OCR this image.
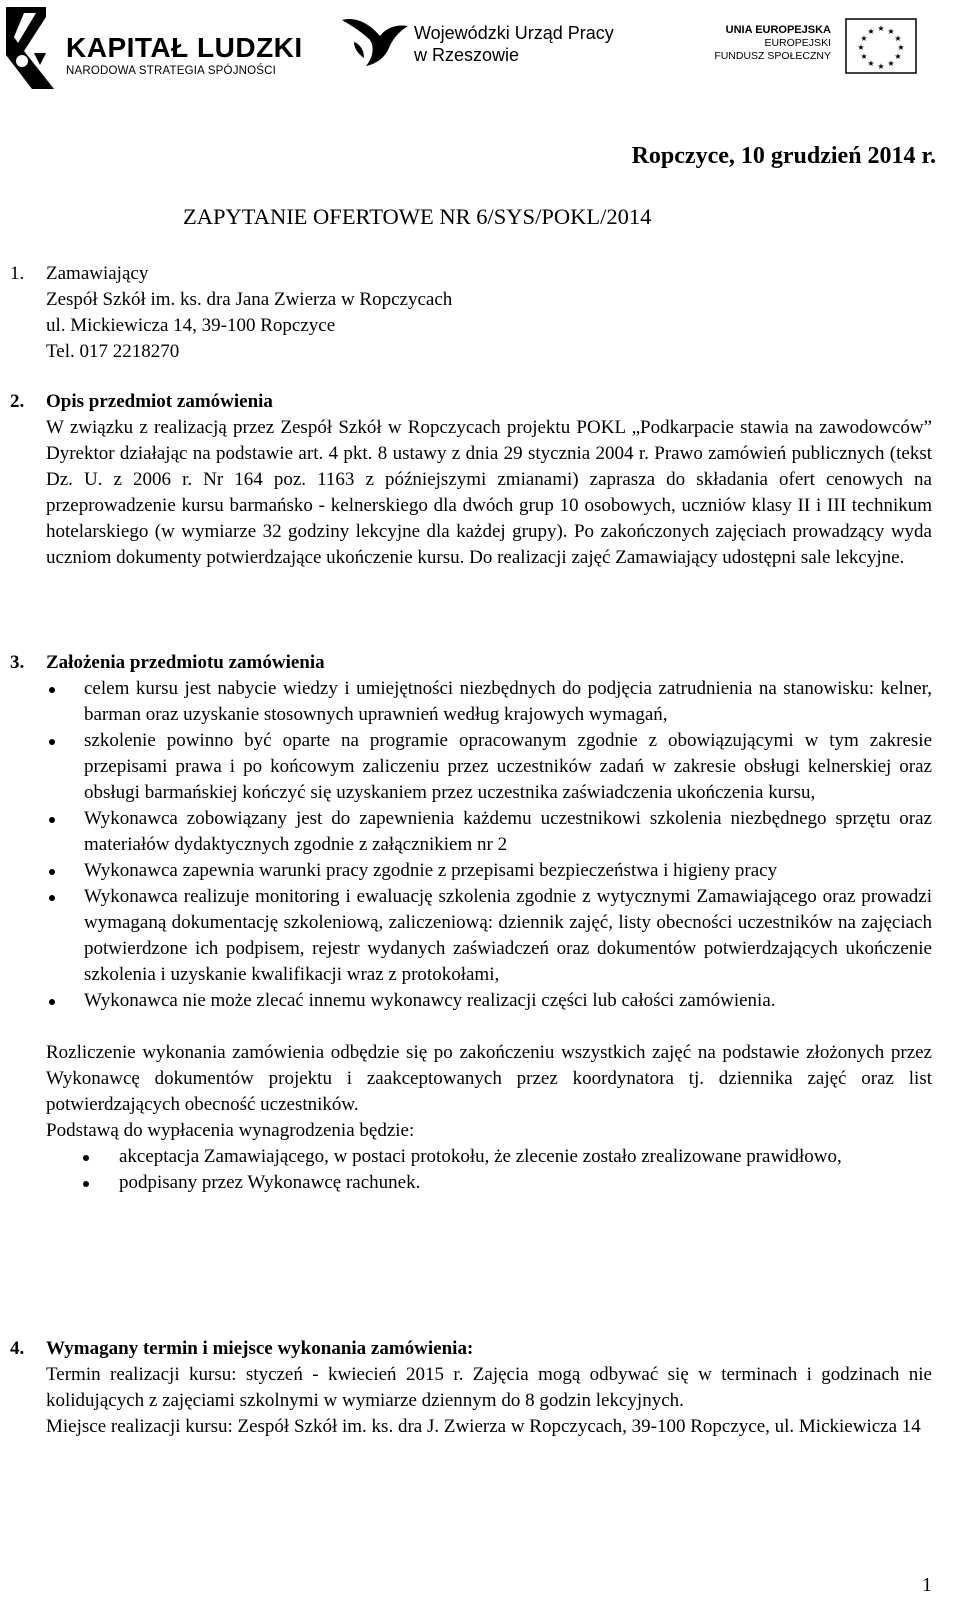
KAPITAŁ LUDZKI
NARODOWA STRATEGIA SPÓJNOŚCI
Wojewódzki Urząd Pracy
w Rzeszowie
UNIA EUROPEJSKA
EUROPEJSKI
FUNDUSZ SPOŁECZNY
★ ★
★
★
★
★
★
★
★
★
★
★
Ropczyce, 10 grudzień 2014 r.
ZAPYTANIE OFERTOWE NR 6/SYS/POKL/2014
1.	Zamawiający
Zespół Szkół im. ks. dra Jana Zwierza w Ropczycach
ul. Mickiewicza 14, 39-100 Ropczyce
Tel. 017 2218270
2.	Opis przedmiot zamówienia
W związku z realizacją przez Zespół Szkół w Ropczycach projektu POKL „Podkarpacie stawia na zawodowców” Dyrektor działając na podstawie art. 4 pkt. 8 ustawy z dnia 29 stycznia 2004 r. Prawo zamówień publicznych (tekst Dz. U. z 2006 r. Nr 164 poz. 1163 z późniejszymi zmianami) zaprasza do składania ofert cenowych na przeprowadzenie kursu barmańsko - kelnerskiego dla dwóch grup 10 osobowych, uczniów klasy II i III technikum hotelarskiego (w wymiarze 32 godziny lekcyjne dla każdej grupy). Po zakończonych zajęciach prowadzący wyda uczniom dokumenty potwierdzające ukończenie kursu. Do realizacji zajęć Zamawiający udostępni sale lekcyjne.
3.	Założenia przedmiotu zamówienia
celem kursu jest nabycie wiedzy i umiejętności niezbędnych do podjęcia zatrudnienia na stanowisku: kelner, barman oraz uzyskanie stosownych uprawnień według krajowych wymagań,
szkolenie powinno być oparte na programie opracowanym zgodnie z obowiązującymi w tym zakresie przepisami prawa i po końcowym zaliczeniu przez uczestników zadań w zakresie obsługi kelnerskiej oraz obsługi barmańskiej kończyć się uzyskaniem przez uczestnika zaświadczenia ukończenia kursu,
Wykonawca zobowiązany jest do zapewnienia każdemu uczestnikowi szkolenia niezbędnego sprzętu oraz materiałów dydaktycznych zgodnie z załącznikiem nr 2
Wykonawca zapewnia warunki pracy zgodnie z przepisami bezpieczeństwa i higieny pracy
Wykonawca realizuje monitoring i ewaluację szkolenia zgodnie z wytycznymi Zamawiającego oraz prowadzi wymaganą dokumentację szkoleniową, zaliczeniową: dziennik zajęć, listy obecności uczestników na zajęciach potwierdzone ich podpisem, rejestr wydanych zaświadczeń oraz dokumentów potwierdzających ukończenie szkolenia i uzyskanie kwalifikacji wraz z protokołami,
Wykonawca nie może zlecać innemu wykonawcy realizacji części lub całości zamówienia.
Rozliczenie wykonania zamówienia odbędzie się po zakończeniu wszystkich zajęć na podstawie złożonych przez Wykonawcę dokumentów projektu i zaakceptowanych przez koordynatora tj. dziennika zajęć oraz list potwierdzających obecność uczestników.
Podstawą do wypłacenia wynagrodzenia będzie:
akceptacja Zamawiającego, w postaci protokołu, że zlecenie zostało zrealizowane prawidłowo,
podpisany przez Wykonawcę rachunek.
4.	Wymagany termin i miejsce wykonania zamówienia:
Termin realizacji kursu: styczeń - kwiecień 2015 r. Zajęcia mogą odbywać się w terminach i godzinach nie kolidujących z zajęciami szkolnymi w wymiarze dziennym do 8 godzin lekcyjnych.
Miejsce realizacji kursu: Zespół Szkół im. ks. dra J. Zwierza w Ropczycach, 39-100 Ropczyce, ul. Mickiewicza 14
1
